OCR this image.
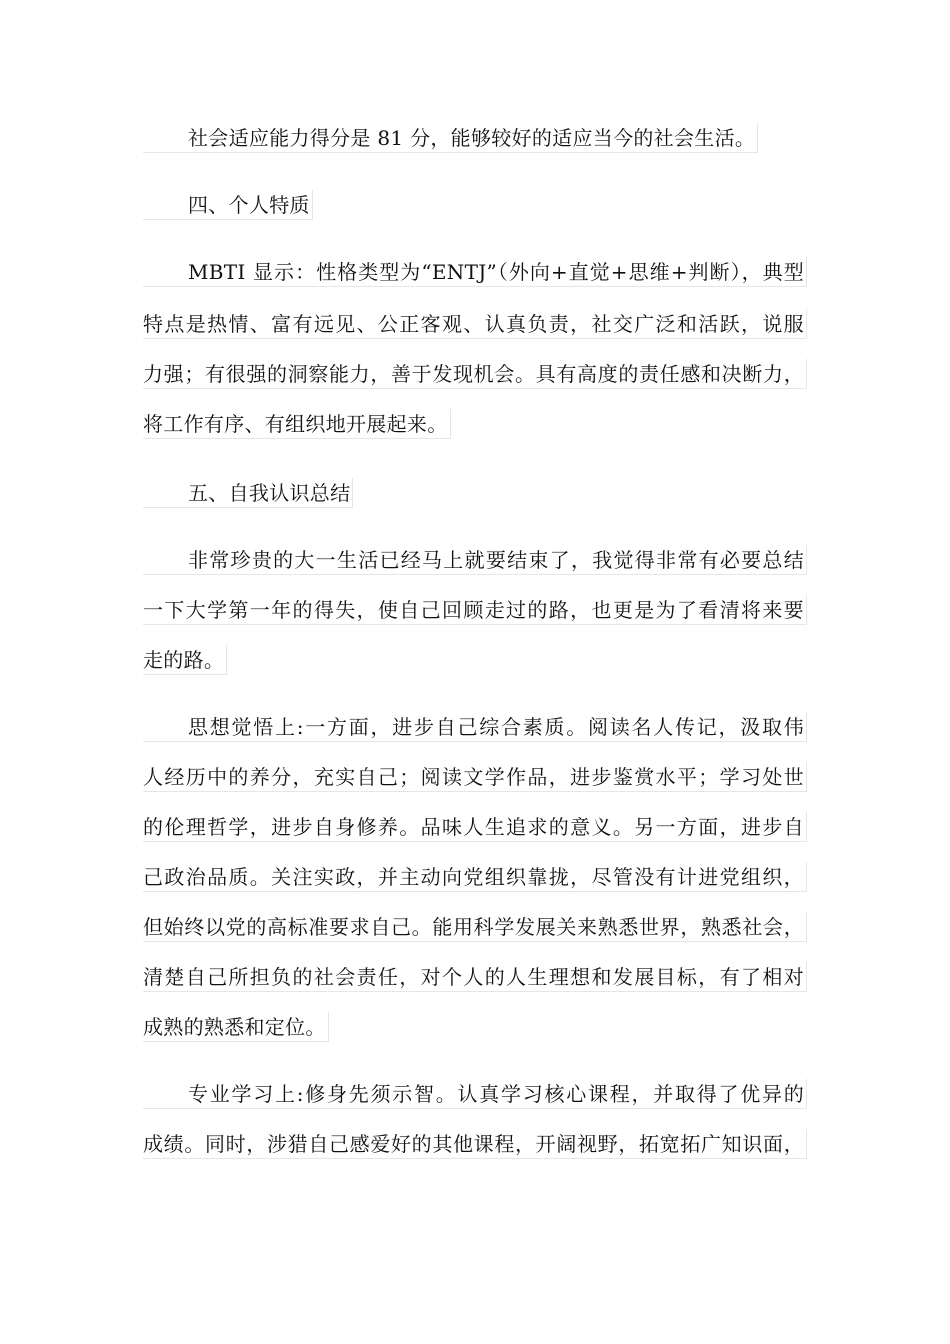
社会适应能力得分是 81 分，能够较好的适应当今的社会生活。
四、个人特质
MBTI 显示：性格类型为“ENTJ”（外向+直觉+思维+判断），典型
特点是热情、富有远见、公正客观、认真负责，社交广泛和活跃，说服
力强；有很强的洞察能力，善于发现机会。具有高度的责任感和决断力，
将工作有序、有组织地开展起来。
五、自我认识总结
非常珍贵的大一生活已经马上就要结束了，我觉得非常有必要总结
一下大学第一年的得失，使自己回顾走过的路，也更是为了看清将来要
走的路。
思想觉悟上:一方面，进步自己综合素质。阅读名人传记，汲取伟
人经历中的养分，充实自己；阅读文学作品，进步鉴赏水平；学习处世
的伦理哲学，进步自身修养。品味人生追求的意义。另一方面，进步自
己政治品质。关注实政，并主动向党组织靠拢，尽管没有计进党组织，
但始终以党的高标准要求自己。能用科学发展关来熟悉世界，熟悉社会，
清楚自己所担负的社会责任，对个人的人生理想和发展目标，有了相对
成熟的熟悉和定位。
专业学习上:修身先须示智。认真学习核心课程，并取得了优异的
成绩。同时，涉猎自己感爱好的其他课程，开阔视野，拓宽拓广知识面，
